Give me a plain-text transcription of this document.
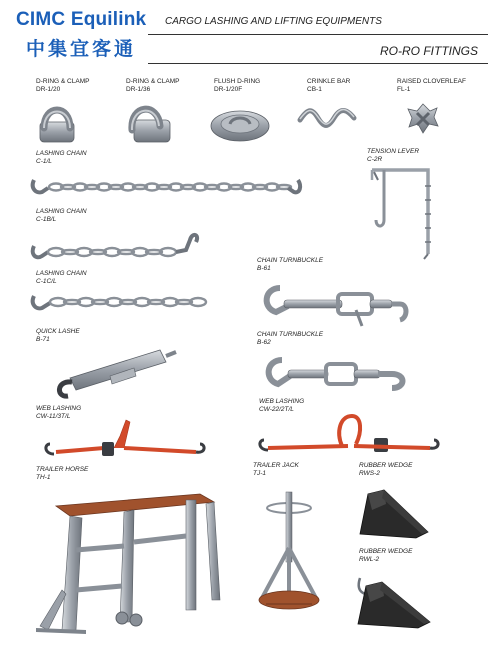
CIMC Equilink
中集宜客通
CARGO LASHING AND LIFTING EQUIPMENTS
RO-RO FITTINGS
D-RING & CLAMP
DR-1/20
D-RING & CLAMP
DR-1/36
FLUSH D-RING
DR-1/20F
CRINKLE BAR
CB-1
RAISED CLOVERLEAF
FL-1
LASHING CHAIN
C-1/L
TENSION LEVER
C-2R
LASHING CHAIN
C-1B/L
LASHING CHAIN
C-1C/L
CHAIN TURNBUCKLE
B-61
QUICK LASHE
B-71
CHAIN TURNBUCKLE
B-62
WEB LASHING
CW-11/3T/L
WEB LASHING
CW-22/2T/L
TRAILER HORSE
TH-1
TRAILER JACK
TJ-1
RUBBER WEDGE
RWS-2
RUBBER WEDGE
RWL-2
